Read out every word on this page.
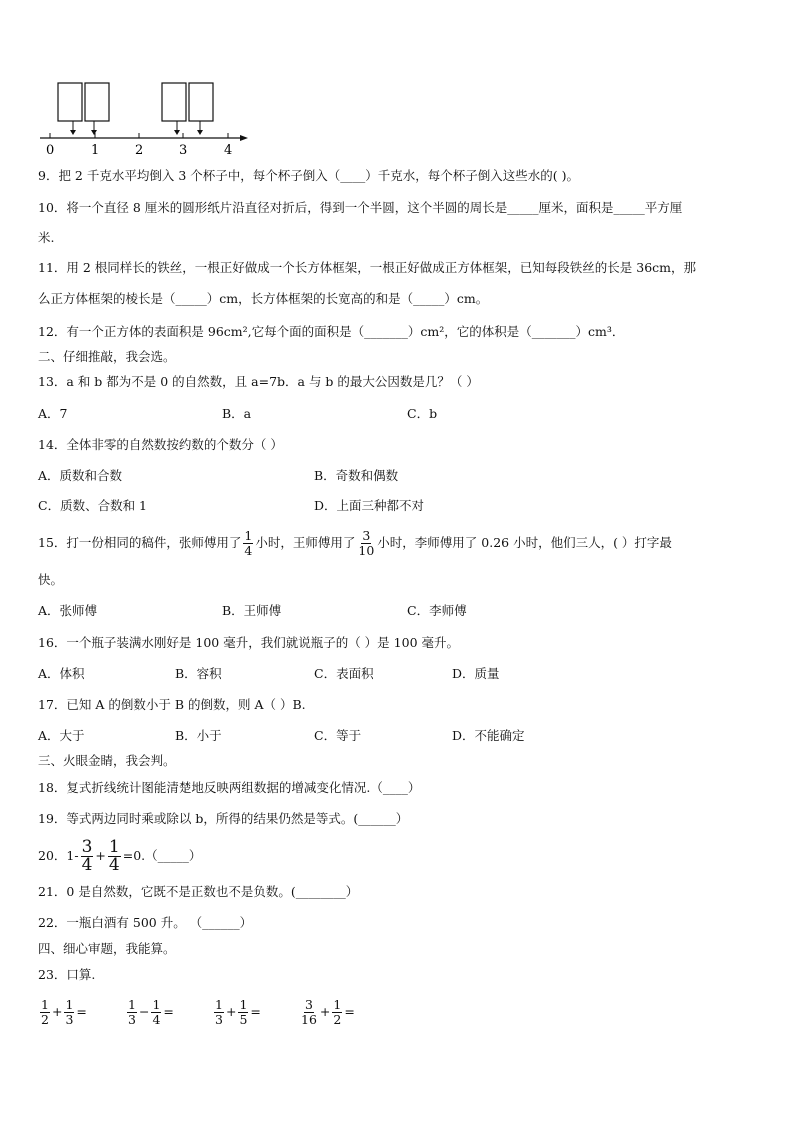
0	1	2	3	4
9．把 2 千克水平均倒入 3 个杯子中，每个杯子倒入（____）千克水，每个杯子倒入这些水的( )。
10．将一个直径 8 厘米的圆形纸片沿直径对折后，得到一个半圆，这个半圆的周长是_____厘米，面积是_____平方厘
米.
11．用 2 根同样长的铁丝，一根正好做成一个长方体框架，一根正好做成正方体框架，已知每段铁丝的长是 36cm，那
么正方体框架的棱长是（_____）cm，长方体框架的长宽高的和是（_____）cm。
12．有一个正方体的表面积是 96cm²,它每个面的面积是（_______）cm²，它的体积是（_______）cm³．
二、仔细推敲，我会选。
13．a 和 b 都为不是 0 的自然数，且 a=7b．a 与 b 的最大公因数是几？（ ）
A．7	B．a	C．b
14．全体非零的自然数按约数的个数分（ ）
A．质数和合数	B．奇数和偶数
C．质数、合数和 1	D．上面三种都不对
15．打一份相同的稿件，张师傅用了 $\frac{1}{4}$ 小时，王师傅用了 $\frac{3}{10}$ 小时，李师傅用了 0.26 小时，他们三人，( ）打字最
快。
A．张师傅	B．王师傅	C．李师傅
16．一个瓶子装满水刚好是 100 毫升，我们就说瓶子的（ ）是 100 毫升。
A．体积	B．容积	C．表面积	D．质量
17．已知 A 的倒数小于 B 的倒数，则 A（ ）B.
A．大于	B．小于	C．等于	D．不能确定
三、火眼金睛，我会判。
18．复式折线统计图能清楚地反映两组数据的增减变化情况.（____）
19．等式两边同时乘或除以 b，所得的结果仍然是等式。(______）
20．$1- \frac{3}{4} + \frac{1}{4}$ =0.（_____）
21．0 是自然数，它既不是正数也不是负数。(________）
22．一瓶白酒有 500 升。 （______）
四、细心审题，我能算。
23．口算.
$\frac{1}{2} + \frac{1}{3}$ =	$\frac{1}{3} - \frac{1}{4}$ =	$\frac{1}{3} + \frac{1}{5}$ =	$\frac{3}{16} + \frac{1}{2}$ =
